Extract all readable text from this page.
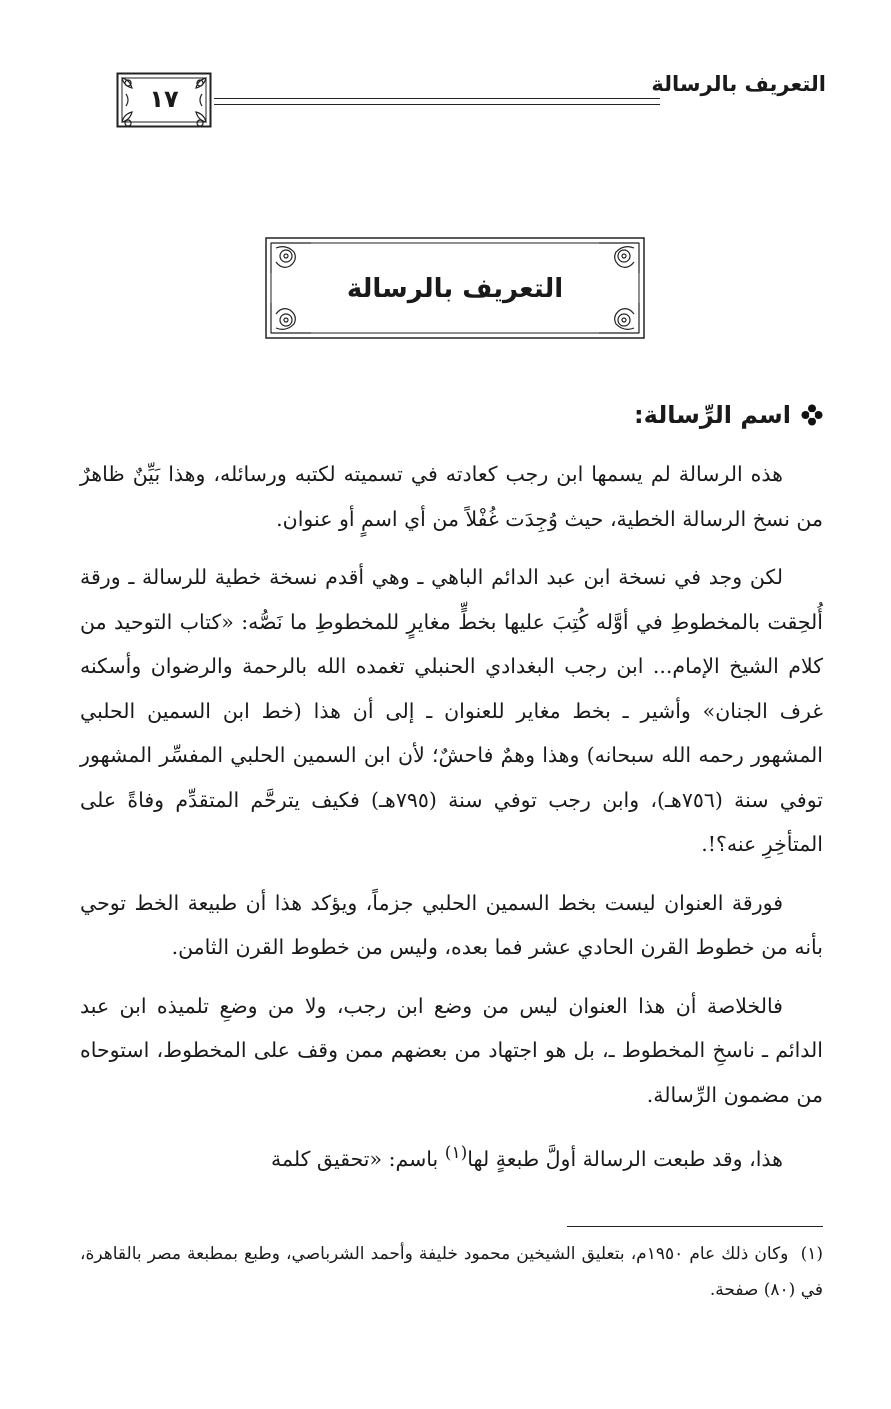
التعريف بالرسالة
١٧
التعريف بالرسالة
اسم الرِّسالة:

هذه الرسالة لم يسمها ابن رجب كعادته في تسميته لكتبه ورسائله، وهذا بَيِّنٌ ظاهرٌ من نسخ الرسالة الخطية، حيث وُجِدَت غُفْلاً من أي اسمٍ أو عنوان.

لكن وجد في نسخة ابن عبد الدائم الباهي ـ وهي أقدم نسخة خطية للرسالة ـ ورقة أُلحِقت بالمخطوطِ في أوَّله كُتِبَ عليها بخطٍّ مغايرٍ للمخطوطِ ما نَصُّه: «كتاب التوحيد من كلام الشيخ الإمام... ابن رجب البغدادي الحنبلي تغمده الله بالرحمة والرضوان وأسكنه غرف الجنان» وأشير ـ بخط مغاير للعنوان ـ إلى أن هذا (خط ابن السمين الحلبي المشهور رحمه الله سبحانه) وهذا وهمٌ فاحشٌ؛ لأن ابن السمين الحلبي المفسِّر المشهور توفي سنة (٧٥٦هـ)، وابن رجب توفي سنة (٧٩٥هـ) فكيف يترحَّم المتقدِّم وفاةً على المتأخِرِ عنه؟!.

فورقة العنوان ليست بخط السمين الحلبي جزماً، ويؤكد هذا أن طبيعة الخط توحي بأنه من خطوط القرن الحادي عشر فما بعده، وليس من خطوط القرن الثامن.

فالخلاصة أن هذا العنوان ليس من وضع ابن رجب، ولا من وضعِ تلميذه ابن عبد الدائم ـ ناسخِ المخطوط ـ، بل هو اجتهاد من بعضهم ممن وقف على المخطوط، استوحاه من مضمون الرِّسالة.

هذا، وقد طبعت الرسالة أولَّ طبعةٍ لها$^{(١)}$ باسم: «تحقيق كلمة

(١)  وكان ذلك عام ١٩٥٠م، بتعليق الشيخين محمود خليفة وأحمد الشرباصي، وطبع بمطبعة مصر بالقاهرة، في (٨٠) صفحة.
